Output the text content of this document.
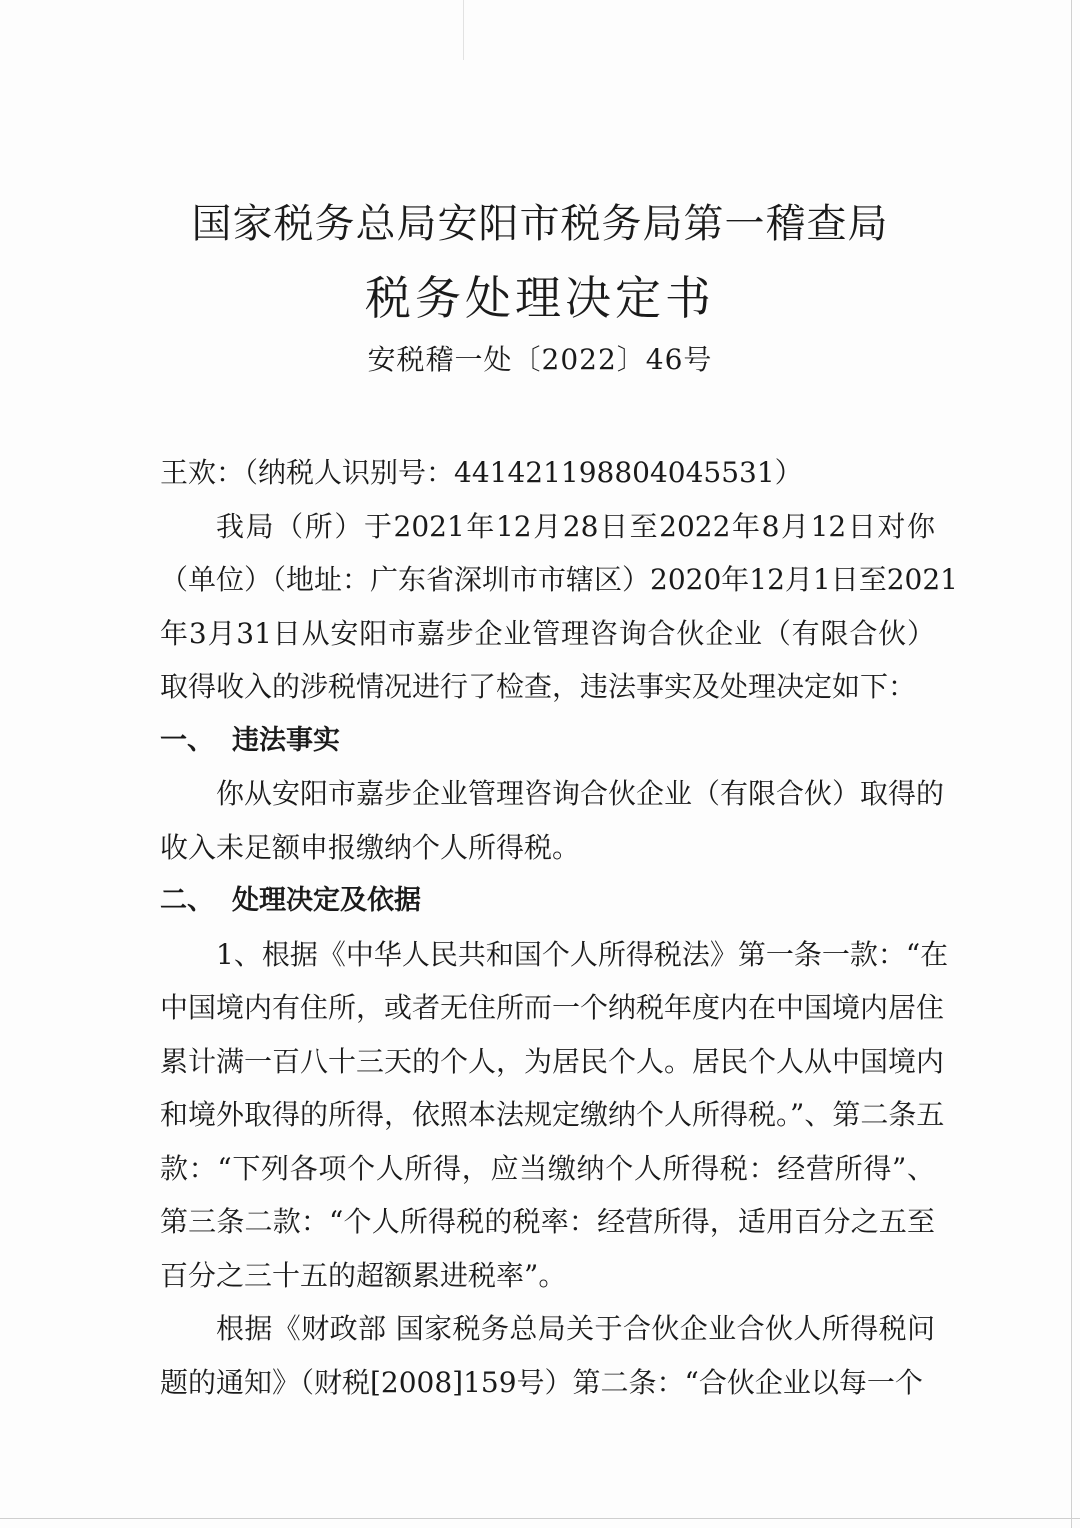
国家税务总局安阳市税务局第一稽查局
税务处理决定书
安税稽一处〔2022〕46号
王欢：（纳税人识别号：441421198804045531）
我局（所）于2021年12月28日至2022年8月12日对你
（单位）（地址：广东省深圳市市辖区）2020年12月1日至2021
年3月31日从安阳市嘉步企业管理咨询合伙企业（有限合伙）
取得收入的涉税情况进行了检查，违法事实及处理决定如下：
一、 违法事实
你从安阳市嘉步企业管理咨询合伙企业（有限合伙）取得的
收入未足额申报缴纳个人所得税。
二、 处理决定及依据
1、根据《中华人民共和国个人所得税法》第一条一款：“在
中国境内有住所，或者无住所而一个纳税年度内在中国境内居住
累计满一百八十三天的个人，为居民个人。居民个人从中国境内
和境外取得的所得，依照本法规定缴纳个人所得税。”、第二条五
款：“下列各项个人所得，应当缴纳个人所得税：经营所得”、
第三条二款：“个人所得税的税率：经营所得，适用百分之五至
百分之三十五的超额累进税率”。
根据《财政部 国家税务总局关于合伙企业合伙人所得税问
题的通知》（财税[2008]159号）第二条：“合伙企业以每一个
